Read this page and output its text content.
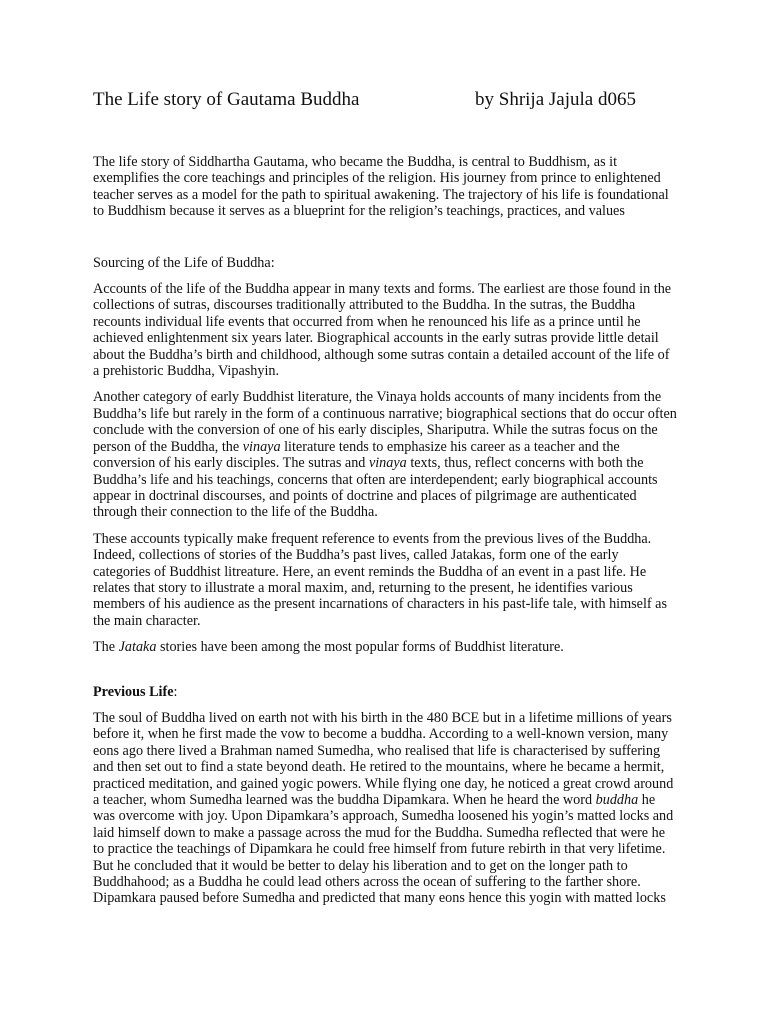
The Life story of Gautama Buddha	by Shrija Jajula d065

The life story of Siddhartha Gautama, who became the Buddha, is central to Buddhism, as it exemplifies the core teachings and principles of the religion. His journey from prince to enlightened teacher serves as a model for the path to spiritual awakening. The trajectory of his life is foundational to Buddhism because it serves as a blueprint for the religion’s teachings, practices, and values

Sourcing of the Life of Buddha:

Accounts of the life of the Buddha appear in many texts and forms. The earliest are those found in the collections of sutras, discourses traditionally attributed to the Buddha. In the sutras, the Buddha recounts individual life events that occurred from when he renounced his life as a prince until he achieved enlightenment six years later. Biographical accounts in the early sutras provide little detail about the Buddha’s birth and childhood, although some sutras contain a detailed account of the life of a prehistoric Buddha, Vipashyin.

Another category of early Buddhist literature, the Vinaya holds accounts of many incidents from the Buddha’s life but rarely in the form of a continuous narrative; biographical sections that do occur often conclude with the conversion of one of his early disciples, Shariputra. While the sutras focus on the person of the Buddha, the vinaya literature tends to emphasize his career as a teacher and the conversion of his early disciples. The sutras and vinaya texts, thus, reflect concerns with both the Buddha’s life and his teachings, concerns that often are interdependent; early biographical accounts appear in doctrinal discourses, and points of doctrine and places of pilgrimage are authenticated through their connection to the life of the Buddha.

These accounts typically make frequent reference to events from the previous lives of the Buddha. Indeed, collections of stories of the Buddha’s past lives, called Jatakas, form one of the early categories of Buddhist litreature. Here, an event reminds the Buddha of an event in a past life. He relates that story to illustrate a moral maxim, and, returning to the present, he identifies various members of his audience as the present incarnations of characters in his past-life tale, with himself as the main character.

The Jataka stories have been among the most popular forms of Buddhist literature.

Previous Life:

The soul of Buddha lived on earth not with his birth in the 480 BCE but in a lifetime millions of years before it, when he first made the vow to become a buddha. According to a well-known version, many eons ago there lived a Brahman named Sumedha, who realised that life is characterised by suffering and then set out to find a state beyond death. He retired to the mountains, where he became a hermit, practiced meditation, and gained yogic powers. While flying one day, he noticed a great crowd around a teacher, whom Sumedha learned was the buddha Dipamkara. When he heard the word buddha he was overcome with joy. Upon Dipamkara’s approach, Sumedha loosened his yogin’s matted locks and laid himself down to make a passage across the mud for the Buddha. Sumedha reflected that were he to practice the teachings of Dipamkara he could free himself from future rebirth in that very lifetime. But he concluded that it would be better to delay his liberation and to get on the longer path to Buddhahood; as a Buddha he could lead others across the ocean of suffering to the farther shore. Dipamkara paused before Sumedha and predicted that many eons hence this yogin with matted locks
